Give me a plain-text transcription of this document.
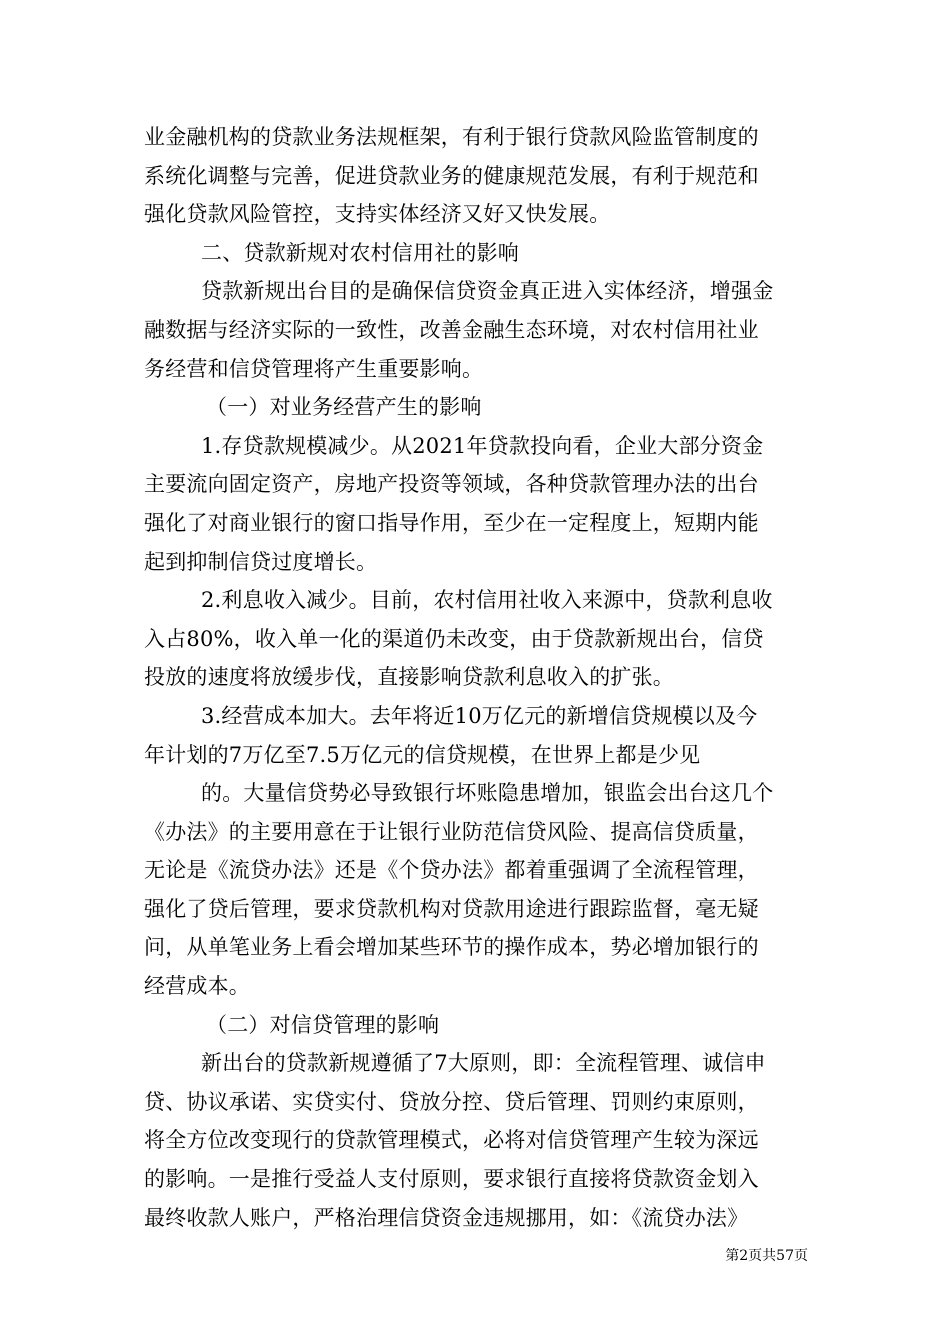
业金融机构的贷款业务法规框架，有利于银行贷款风险监管制度的
系统化调整与完善，促进贷款业务的健康规范发展，有利于规范和
强化贷款风险管控，支持实体经济又好又快发展。
二、贷款新规对农村信用社的影响
贷款新规出台目的是确保信贷资金真正进入实体经济，增强金
融数据与经济实际的一致性，改善金融生态环境，对农村信用社业
务经营和信贷管理将产生重要影响。
（一）对业务经营产生的影响
1.存贷款规模减少。从2021年贷款投向看，企业大部分资金
主要流向固定资产，房地产投资等领域，各种贷款管理办法的出台
强化了对商业银行的窗口指导作用，至少在一定程度上，短期内能
起到抑制信贷过度增长。
2.利息收入减少。目前，农村信用社收入来源中，贷款利息收
入占80%，收入单一化的渠道仍未改变，由于贷款新规出台，信贷
投放的速度将放缓步伐，直接影响贷款利息收入的扩张。
3.经营成本加大。去年将近10万亿元的新增信贷规模以及今
年计划的7万亿至7.5万亿元的信贷规模，在世界上都是少见
的。大量信贷势必导致银行坏账隐患增加，银监会出台这几个
《办法》的主要用意在于让银行业防范信贷风险、提高信贷质量，
无论是《流贷办法》还是《个贷办法》都着重强调了全流程管理，
强化了贷后管理，要求贷款机构对贷款用途进行跟踪监督，毫无疑
问，从单笔业务上看会增加某些环节的操作成本，势必增加银行的
经营成本。
（二）对信贷管理的影响
新出台的贷款新规遵循了7大原则，即：全流程管理、诚信申
贷、协议承诺、实贷实付、贷放分控、贷后管理、罚则约束原则，
将全方位改变现行的贷款管理模式，必将对信贷管理产生较为深远
的影响。一是推行受益人支付原则，要求银行直接将贷款资金划入
最终收款人账户，严格治理信贷资金违规挪用，如：《流贷办法》
第2页共57页
